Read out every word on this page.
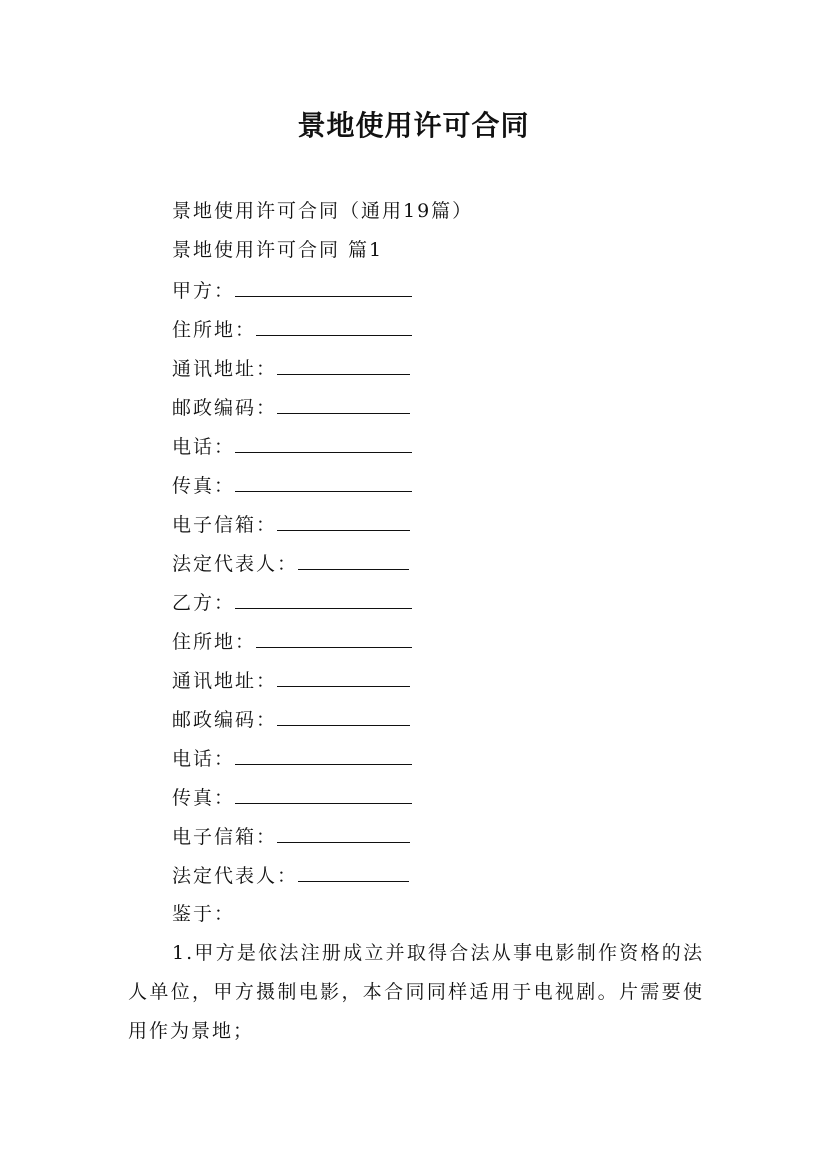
景地使用许可合同
景地使用许可合同（通用19篇）
景地使用许可合同 篇1
甲方：
住所地：
通讯地址：
邮政编码：
电话：
传真：
电子信箱：
法定代表人：
乙方：
住所地：
通讯地址：
邮政编码：
电话：
传真：
电子信箱：
法定代表人：
鉴于：
1.甲方是依法注册成立并取得合法从事电影制作资格的法人单位，甲方摄制电影，本合同同样适用于电视剧。片需要使用作为景地；
